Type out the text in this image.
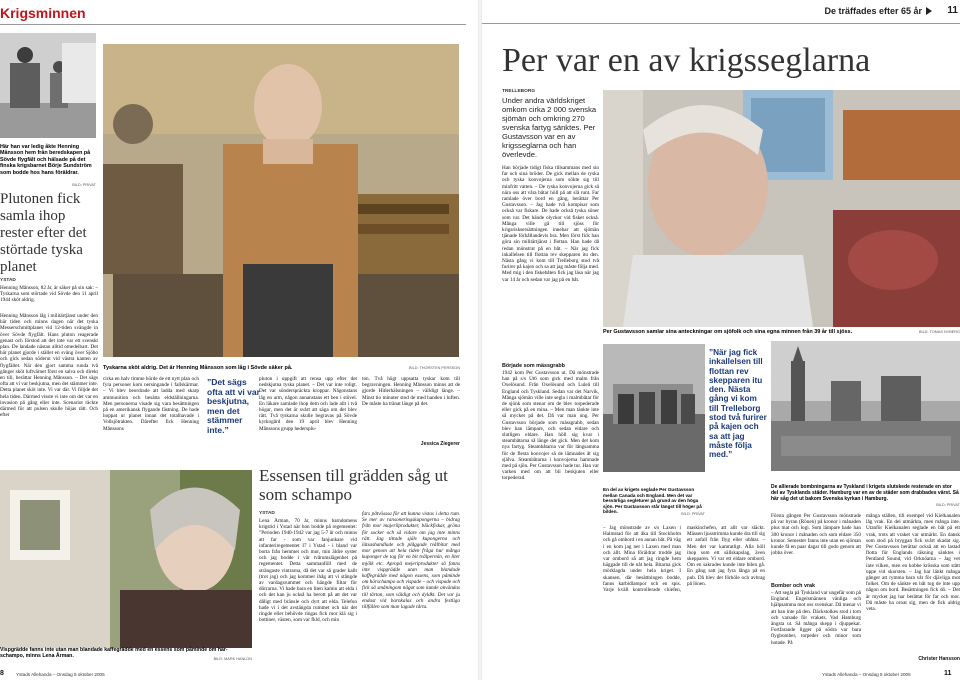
Krigsminnen
Här han var ledig åkte Henning Månsson hem från beredskapen på Sövde flygfält och hälsade på det finska krigsbarnet Börje Sundström som bodde hos hans föräldrar.
BILD: PRIVAT
Plutonen fick samla ihop rester efter det störtade tyska planet
YSTAD
Henning Månsson, 82 år, är säker på sin sak: – Tyskarna som störtade vid Sövde den 11 april 1944 sköt aldrig.
Henning Månsson låg i militärtjänst under den här tiden och minns dagen när det tyska Messerschmittplanet vid 12-tiden svängde in över Sövde flygfält. Hans pluton reagerade genast och förstod att det inte var ett svenskt plan. De landade nästan alltid omedelbart. Det här planet gjorde i stället en sväng över Sjöbo och gick sedan söderut vid västra kanten av flygfältet. När den gjort samma runda två gånger sköt luftvärnet först en salva och direkt en till, berättar Henning Månsson. – Det sägs ofta att vi var beskjutna, men det stämmer inte. Detta planet sköt inte. Vi var där. Vi följde det hela tiden. Därmed visste vi inte om det var en invasion på gång eller inte. Scenariot räckte därmed för att pulsen skulle höjas rätt. Och efter
BILD: THORSTEN PERSSON
Tyskarna sköt aldrig. Det är Henning Månsson som låg i Sövde säker på.
cirka en halv timme hörde de ett nytt plan och fyra personer kom nersingande i fallskärmar. – Vi blev beordrade att ladda med skarp ammunition och besätta eldställningarna. Men personerna visade sig vara besättningen på en amerikansk flygande fästning. De hade hoppat ur planet innan det totalhavade i Vollsjötrakten. Därefter fick Henning Månssons
”Det sägs ofta att vi var beskjutna, men det stämmer inte.”
pluton i uppgift att rensa upp efter det nedskjutna tyska planet. – Det var inte roligt. Det var sönderspräckta kroppar. Någonstans låg en arm, någon annanstans ett ben i stövel. En läkare samlade ihop dem och lade allt i två högar, men det är svårt att säga om det blev rätt. Två tyskarna skulle begravas på Sövde kyrkogård den 19 april blev Henning Månssons grupp hedersplu-
ton. Två högt uppsatta tyskar kom till begravningen. Henning Månsson minns att de gjorde Hitlerhälsningen – välldigt länge. – Minst tio minuter stod de med handen i luften. De måste ha tränat länge på det.
Jessica Ziegerer
Vispgrädde fanns inte utan man blandade kaffegrädde med en essens som påminde om här-schampo, minns Lena Årman.	BILD: MARK HANLON
Essensen till grädden såg ut som schampo
YSTAD
Lena Årman, 70 år, minns barndomens krigstid i Ystad när hon bodde på regementet: ”Perioden 1940-1942 var jag 5-7 år och minns att far - som var fanjunkare vid infanteriregementet I7 i Ystad - i bland var borta från hemmet och mor, min äldre syster och jag bodde i vår tvårumslägenhet på regementet. Detta sammanföll med de strängaste vintrarna, då det var så grader kallt (trot jag) och jag kommer ihåg att vi stångde av vardagsrummet och hängde filtar för dörrarna. Vi hade bara en liten kamin att elda i och det kan ju också ha berott på att det var dåligt med bränsle och dyrt att elda. Telefon hade vi i det avstängda rummet och när det ringde eller behövde ringas fick mor klä sig i bottiner, västen, som var fkld, och min
fars påtvösssa för att kunna vistas i detta rum. Se mer av ransoneringskupongerna – bidrag från mor majerilprodukter, bläckfiskar, gröna för socker och så vidare om jag inte minns rätt. Jag tittade själv kupongerna och lätsashandlade och plåggade tvålbitar med mor genom att hela tiden fråga hur många kuponger de tog för en bit tvålpermin, en liter mjölk etc. Apropå mejeriprodukter så fanns inte vispgrädde utan man blandade kaffegrädde med någon essens, som påminde om härschampo och vispade – och vispade och fick så småningom något som kunde användas till tårtan, som väldigt och dyldkt. Det var ju endast vid barnkalas och andra festliga tillfällen som man lagade tårta.
8	Ystads Allehanda – Onsdag 5 oktober 2005
De träffades efter 65 år	11
Per var en av krigsseglarna
TRELLEBORG
Under andra världskriget omkom cirka 2 000 svenska sjömän och omkring 270 svenska fartyg sänktes. Per Gustavsson var en av krigsseglarna och han överlevde.
Han började tidigt fiska tillsammans med sin far och sina bröder. De gick mellan de ryska och tyska konvojerna som sökte sig till minfritt vatten. – De ryska konvojerna gick så nära oss att våra båtar höll på att slå runt. Far ramlade över bord en gång, berättar Per Gustavsson. – Jag hade två kompisar som också var fiskare. De hade också tyska söner som var. Det hände olyckor vid fisket också. Många ville gå till sjöss för krigsrisksersättningen innebar att sjömän tjänade förhållandevis bra. Men först fick han göra sin militärtjänst i flottan. Han hade då redan mönstrat på en båt. – När jag fick inkallelsen till flottan rev skepparen itu den. Nästa gång vi kom till Trelleborg stod två furirer på kajen och sa att jag måste följa med. Med mig i den fiskebåten fick jag läsa när jag var 14 år och sedan var jag på en båt.
Per Gustavsson samlar sina anteckningar om sjöfolk och sina egna minnen från 39 år till sjöss.	BILD: TOMAS NYBERG
Började som mässgrabb
1942 kom Per Gustavsson ut. Då mönstrade han på s/s Ut6 som gick med malm från Oxelösund. Från Oxelösund och Luleå till England och Tyskland. Sedan var det Narvik, Många sjömän ville inte segla i malmbåtar för de sjönk som stenar om de blev torpederade eller gick på en mina. – Men man tänkte inte så mycket på det. Då var man ung. Per Gustavsson började som mässgrabb, sedan blev han lämpare, och sedan eldare och slutligen eldare. Han höll sig kvar i steambåtarna så länge det gick. Men det kom nya fartyg. Steambåtarna var för långsamma för de flesta konvojer så de lämnades åt sig själva. Steambåtarna i konvojerna hamnade med på sjön. Per Gustavsson hade tur. Han var varken med om att bli beskjuten eller torpederad.
En del av krigets seglade Per Gustavsson mellan Canada och England. Men det var besvärliga segleturer på grund av den höga sjön. Per Gustavsson står längst till höger på bilden.	BILD: PRIVAT
”När jag fick inkallelsen till flottan rev skepparen itu den. Nästa gång vi kom till Trelleborg stod två furirer på kajen och sa att jag måste följa med.”
De allierade bombningarna av Tyskland i krigets slutskede resterade en stor del av Tysklands städer. Hamburg var en av de städer som drabbades värst. Så här såg det ut bakom Svenska kyrkan i Hamburg.
BILD: PRIVAT
– Jag mönstrade av s/s Laxen i Halmstad för att åka till Stockholm och gå ombord i en annan båt. På väg i en kom jag ner i Laxen med man och allt. Mina föräldrar trodde jag var ombord så att jag ringde hem häggade till de nåt hela. Bitarna gick mörklagda under hela kriget. I skansen, där besättningen bodde, fanns karbidlampor och en spis. Varje kväll kontrollerade chiefen, maskinchefen, att allt var släckt. Mässen ljusstrimma kunde dra till sig ett anfall från flyg eller ubåtar. – Men det var kamratligt. Alla höll ihop som ett sällskapslag, även skepparen. Vi var ett eldare ombord. Om en sakrades kunde inte bilen gå. En gång satt jag fyra långa på en pub. Då blev det förhöle och avbrag på lönen.
Första gången Per Gustavsson mönstrade på var byran (Rönen) på kronor i månaden plus mat och logi. Som lämpare hade han 300 kronor i månaden och som eldare 350 kronor. Semester fanns inte utan en sjöman kunde få en paar dagar till godo genom att jobba över.
Bomber och vrak
– Att segla på Tyskland var ungefär som på England. Engelsmännen vänliga och hjälpsamma mot oss svenskar. Då menar vi att han inte på den. Däckstolkes stod i torn och varsade för vrakets. Vad Hamburg ängsta ut. Så många skepp i djuppekar. Fortfarande ligger på södra var bara flygbomber, torpeder och minor som hotade. På
många ställen, till exempel vid Kielkanalen låg vrak. En del utmärkta, men många inte. Utanför Kielkanalen seglade en båt på ett vrak, trots att vraket var utmärkt. En dansk som stod på bryggan fick svårt skadat sig. Per Gustavsson berättar också att en lastad flotta för Englands räkning sänktes i Pentland Sound, vid Orknöarna – Jag vet inte vilken, men en kobbe krösska som stått uppe vid skorsten. – Jag har länkt många gånger att rymma bara vår för djävliga mot folket. Om de sänkte en båt tog de inte upp någon om bord. Besättningen fick dö. – Det är mycket jag har berättat för far och mor. Då måste ha oroat sig, men de fick aldrig veta.
Christer Hansson
Ystads Allehanda – Onsdag 5 oktober 2005	11
